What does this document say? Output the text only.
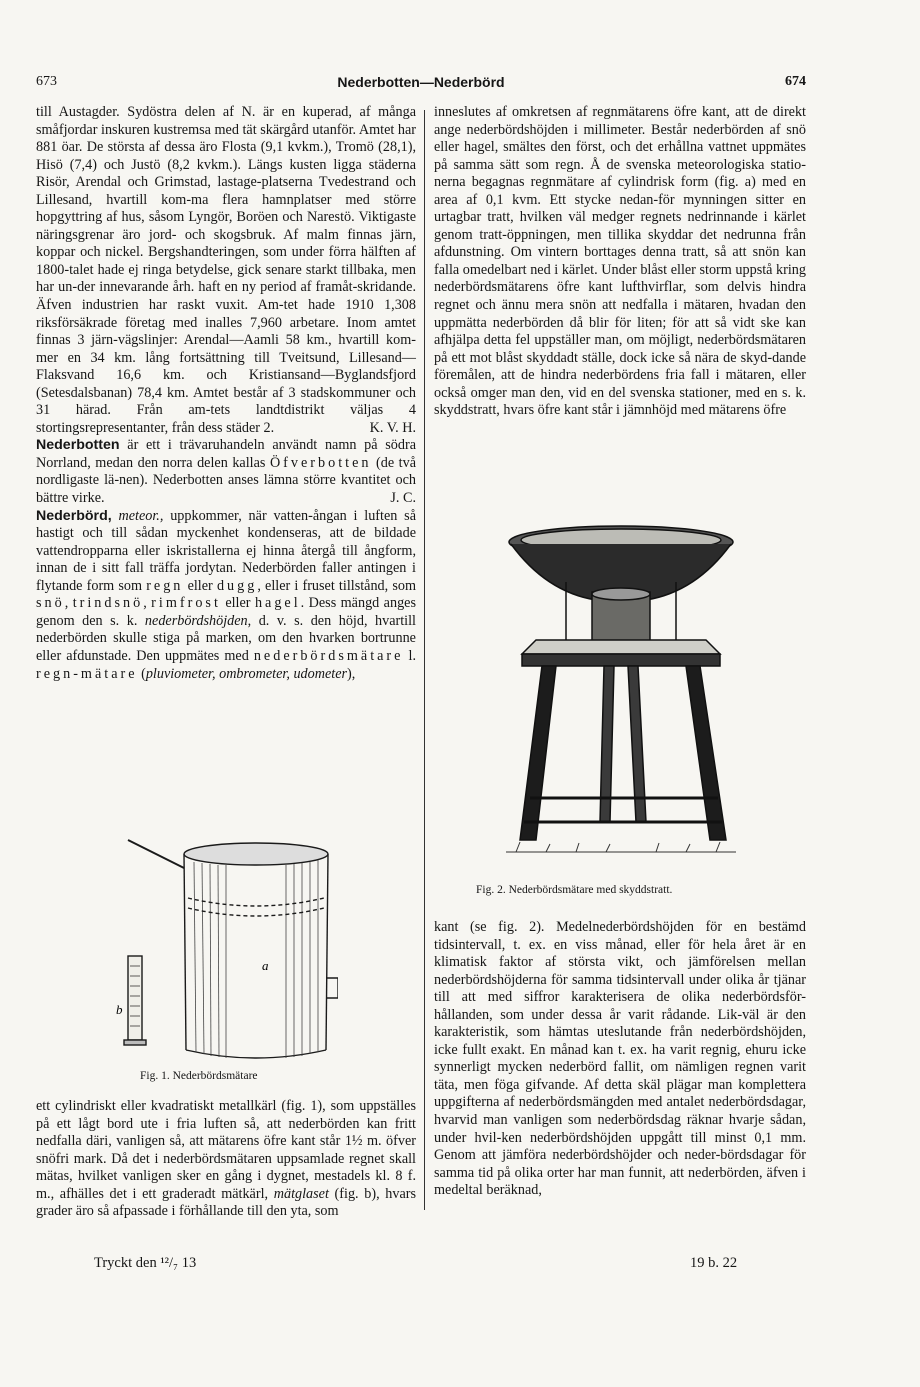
673	Nederbotten—Nederbörd	674

till Austagder. Sydöstra delen af N. är en kuperad, af många småfjordar inskuren kustremsa med tät skärgård utanför. Amtet har 881 öar. De största af dessa äro Flosta (9,1 kvkm.), Tromö (28,1), Hisö (7,4) och Justö (8,2 kvkm.). Längs kusten ligga städerna Risör, Arendal och Grimstad, lastage-platserna Tvedestrand och Lillesand, hvartill kom-ma flera hamnplatser med större hopgyttring af hus, såsom Lyngör, Boröen och Narestö. Viktigaste näringsgrenar äro jord- och skogsbruk. Af malm finnas järn, koppar och nickel. Bergshandteringen, som under förra hälften af 1800-talet hade ej ringa betydelse, gick senare starkt tillbaka, men har un-der innevarande årh. haft en ny period af framåt-skridande. Äfven industrien har raskt vuxit. Am-tet hade 1910 1,308 riksförsäkrade företag med inalles 7,960 arbetare. Inom amtet finnas 3 järn-vägslinjer: Arendal—Aamli 58 km., hvartill kom-mer en 34 km. lång fortsättning till Tveitsund, Lillesand—Flaksvand 16,6 km. och Kristiansand—Byglandsfjord (Setesdalsbanan) 78,4 km. Amtet består af 3 stadskommuner och 31 härad. Från am-tets landtdistrikt väljas 4 stortingsrepresentanter, från dess städer 2.	K. V. H.

Nederbotten är ett i trävaruhandeln användt namn på södra Norrland, medan den norra delen kallas Öfverbotten (de två nordligaste lä-nen). Nederbotten anses lämna större kvantitet och bättre virke.	J. C.

Nederbörd, meteor., uppkommer, när vatten-ångan i luften så hastigt och till sådan myckenhet kondenseras, att de bildade vattendropparna eller iskristallerna ej hinna återgå till ångform, innan de i sitt fall träffa jordytan. Nederbörden faller antingen i flytande form som regn eller dugg, eller i fruset tillstånd, som snö, trindsnö, rimfrost eller hagel. Dess mängd anges genom den s. k. nederbördshöjden, d. v. s. den höjd, hvartill nederbörden skulle stiga på marken, om den hvarken bortrunne eller afdunstade. Den uppmätes med nederbördsmätare l. regn-mätare (pluviometer, ombrometer, udometer),

b
a
Fig. 1. Nederbördsmätare

ett cylindriskt eller kvadratiskt metallkärl (fig. 1), som uppställes på ett lågt bord ute i fria luften så, att nederbörden kan fritt nedfalla däri, vanligen så, att mätarens öfre kant står 1½ m. öfver snöfri mark. Då det i nederbördsmätaren uppsamlade regnet skall mätas, hvilket vanligen sker en gång i dygnet, mestadels kl. 8 f. m., afhälles det i ett graderadt mätkärl, mätglaset (fig. b), hvars grader äro så afpassade i förhållande till den yta, som

inneslutes af omkretsen af regnmätarens öfre kant, att de direkt ange nederbördshöjden i millimeter. Består nederbörden af snö eller hagel, smältes den först, och det erhållna vattnet uppmätes på samma sätt som regn. Å de svenska meteorologiska statio-nerna begagnas regnmätare af cylindrisk form (fig. a) med en area af 0,1 kvm. Ett stycke nedan-för mynningen sitter en urtagbar tratt, hvilken väl medger regnets nedrinnande i kärlet genom tratt-öppningen, men tillika skyddar det nedrunna från afdunstning. Om vintern borttages denna tratt, så att snön kan falla omedelbart ned i kärlet. Under blåst eller storm uppstå kring nederbördsmätarens öfre kant lufthvirflar, som delvis hindra regnet och ännu mera snön att nedfalla i mätaren, hvadan den uppmätta nederbörden då blir för liten; för att så vidt ske kan afhjälpa detta fel uppställer man, om möjligt, nederbördsmätaren på ett mot blåst skyddadt ställe, dock icke så nära de skyd-dande föremålen, att de hindra nederbördens fria fall i mätaren, eller också omger man den, vid en del svenska stationer, med en s. k. skyddstratt, hvars öfre kant står i jämnhöjd med mätarens öfre

Fig. 2. Nederbördsmätare med skyddstratt.

kant (se fig. 2). Medelnederbördshöjden för en bestämd tidsintervall, t. ex. en viss månad, eller för hela året är en klimatisk faktor af största vikt, och jämförelsen mellan nederbördshöjderna för samma tidsintervall under olika år tjänar till att med siffror karakterisera de olika nederbördsför-hållanden, som under dessa år varit rådande. Lik-väl är den karakteristik, som hämtas uteslutande från nederbördshöjden, icke fullt exakt. En månad kan t. ex. ha varit regnig, ehuru icke synnerligt mycken nederbörd fallit, om nämligen regnen varit täta, men föga gifvande. Af detta skäl plägar man komplettera uppgifterna af nederbördsmängden med antalet nederbördsdagar, hvarvid man vanligen som nederbördsdag räknar hvarje sådan, under hvil-ken nederbördshöjden uppgått till minst 0,1 mm. Genom att jämföra nederbördshöjder och neder-bördsdagar för samma tid på olika orter har man funnit, att nederbörden, äfven i medeltal beräknad,

Tryckt den ¹²/₇ 13	19 b. 22
